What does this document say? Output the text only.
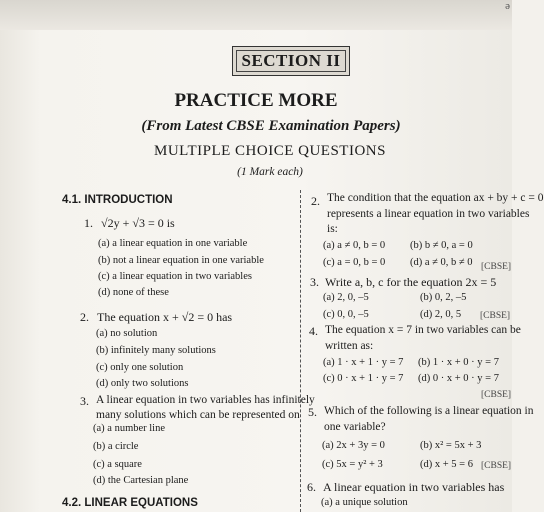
ə
SECTION II
PRACTICE MORE
(From Latest CBSE Examination Papers)
MULTIPLE CHOICE QUESTIONS
(1 Mark each)
4.1. INTRODUCTION
1. √2y + √3 = 0 is
(a) a linear equation in one variable
(b) not a linear equation in one variable
(c) a linear equation in two variables
(d) none of these
2. The equation x + √2 = 0 has
(a) no solution
(b) infinitely many solutions
(c) only one solution
(d) only two solutions
3. A linear equation in two variables has infinitely
many solutions which can be represented on
(a) a number line
(b) a circle
(c) a square
(d) the Cartesian plane
4.2. LINEAR EQUATIONS
2. The condition that the equation ax + by + c = 0
represents a linear equation in two variables
is:
(a) a ≠ 0, b = 0 (b) b ≠ 0, a = 0
(c) a = 0, b = 0 (d) a ≠ 0, b ≠ 0 [CBSE]
3. Write a, b, c for the equation 2x = 5
(a) 2, 0, –5	(b) 0, 2, –5
(c) 0, 0, –5	(d) 2, 0, 5 [CBSE]
4. The equation x = 7 in two variables can be
written as:
(a) 1 · x + 1 · y = 7 (b) 1 · x + 0 · y = 7
(c) 0 · x + 1 · y = 7 (d) 0 · x + 0 · y = 7
[CBSE]
5. Which of the following is a linear equation in
one variable?
(a) 2x + 3y = 0	(b) x² = 5x + 3
(c) 5x = y² + 3	(d) x + 5 = 6 [CBSE]
6. A linear equation in two variables has
(a) a unique solution
